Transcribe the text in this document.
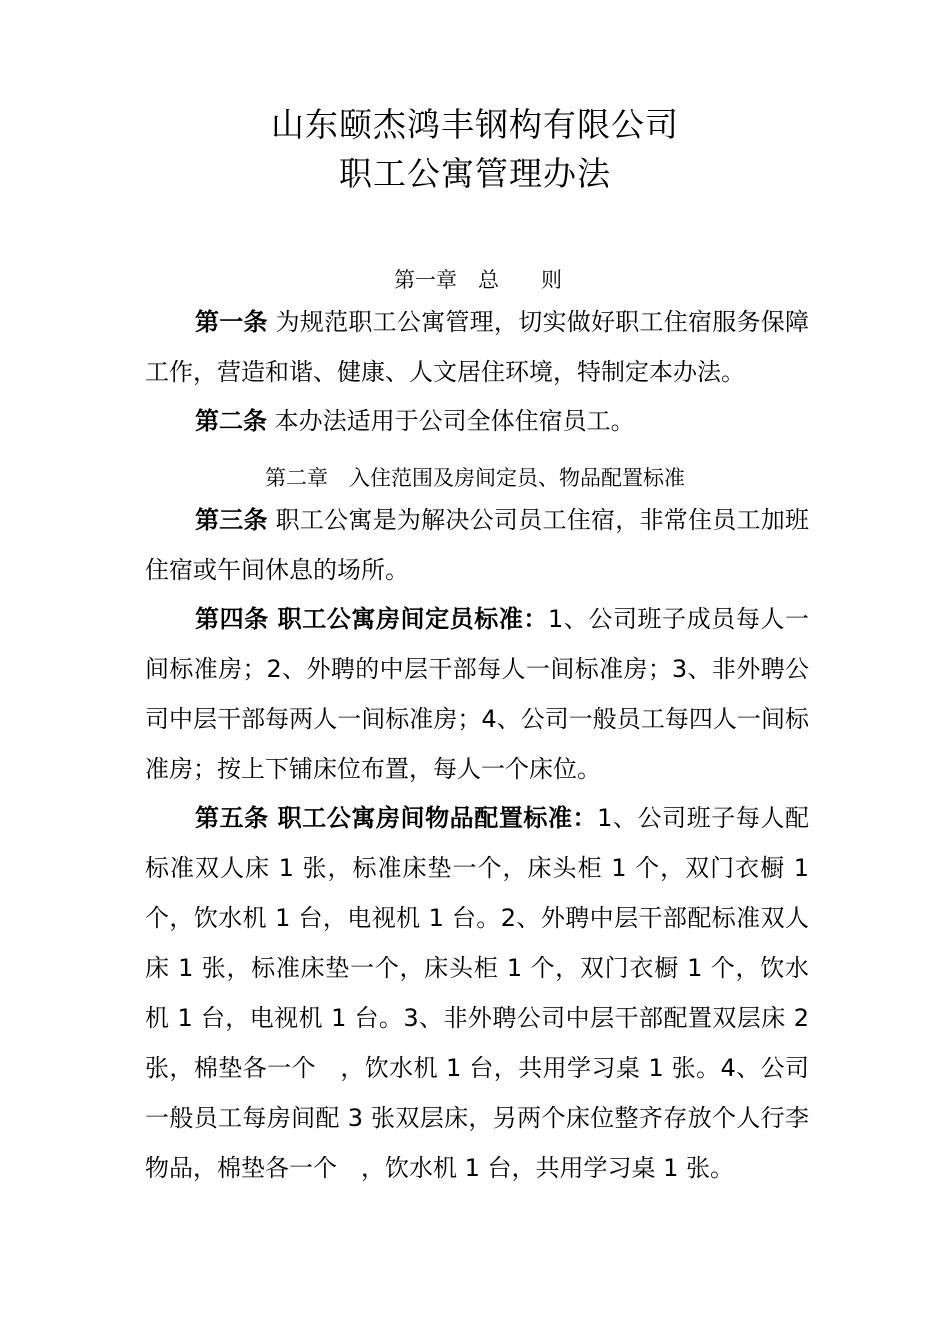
山东颐杰鸿丰钢构有限公司
职工公寓管理办法
第一章　总　　则
第一条 为规范职工公寓管理，切实做好职工住宿服务保障工作，营造和谐、健康、人文居住环境，特制定本办法。
第二条 本办法适用于公司全体住宿员工。
第二章　入住范围及房间定员、物品配置标准
第三条 职工公寓是为解决公司员工住宿，非常住员工加班住宿或午间休息的场所。
第四条 职工公寓房间定员标准：1、公司班子成员每人一间标准房；2、外聘的中层干部每人一间标准房；3、非外聘公司中层干部每两人一间标准房；4、公司一般员工每四人一间标准房；按上下铺床位布置，每人一个床位。
第五条 职工公寓房间物品配置标准：1、公司班子每人配标准双人床 1 张，标准床垫一个，床头柜 1 个，双门衣橱 1 个，饮水机 1 台，电视机 1 台。2、外聘中层干部配标准双人床 1 张，标准床垫一个，床头柜 1 个，双门衣橱 1 个，饮水机 1 台，电视机 1 台。3、非外聘公司中层干部配置双层床 2 张，棉垫各一个　，饮水机 1 台，共用学习桌 1 张。4、公司一般员工每房间配 3 张双层床，另两个床位整齐存放个人行李物品，棉垫各一个　，饮水机 1 台，共用学习桌 1 张。
